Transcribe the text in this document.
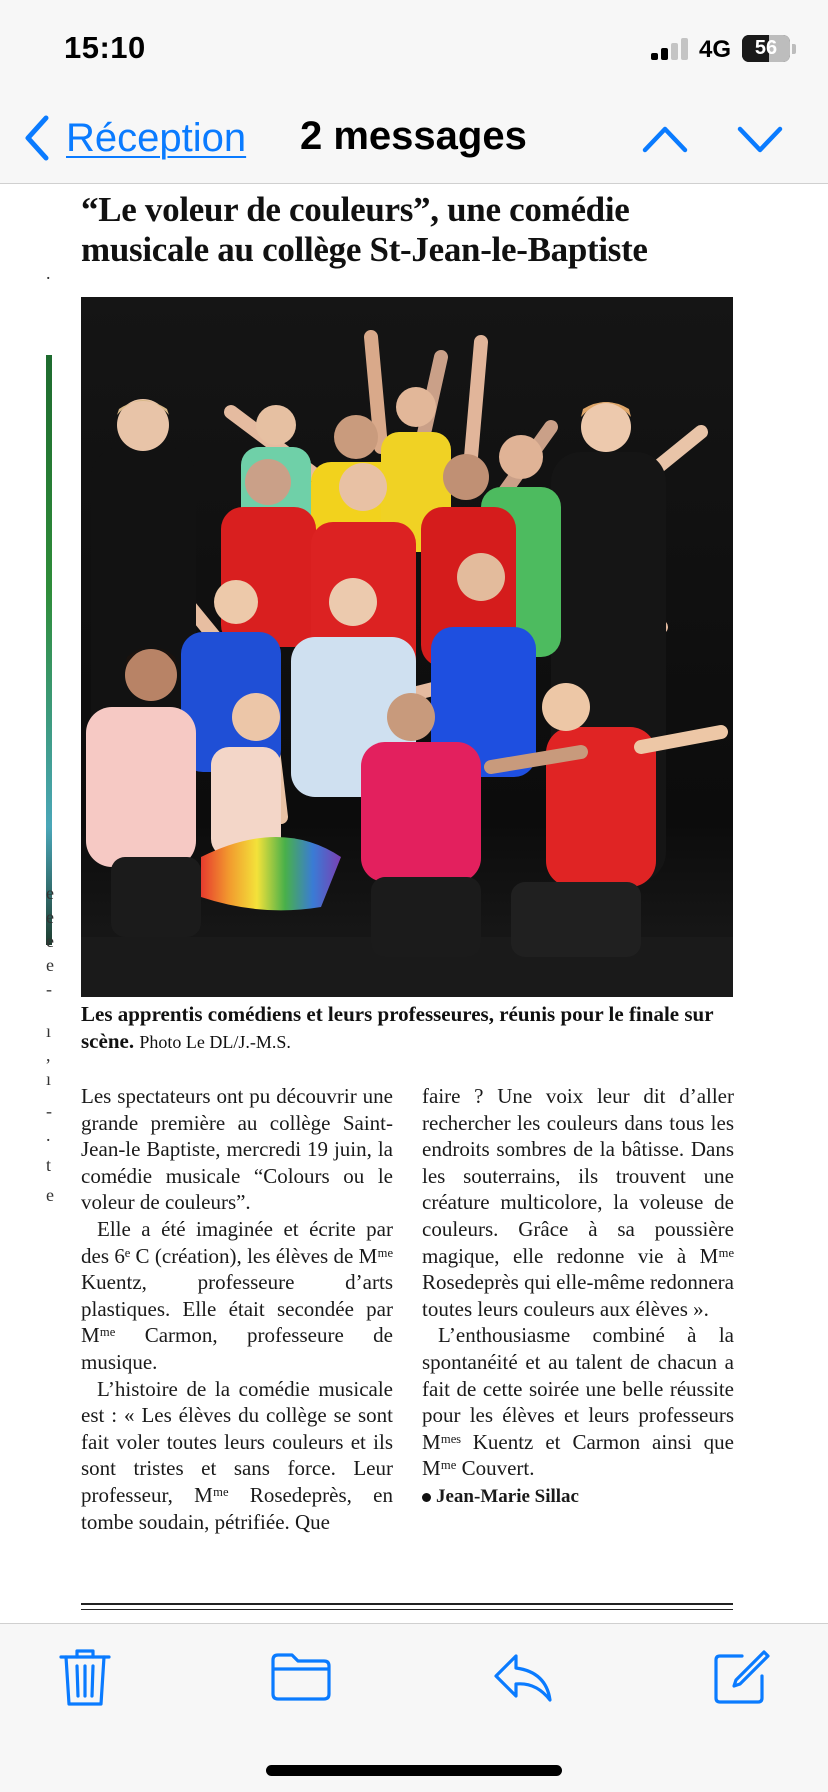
15:10	4G	56
Réception 2 messages
.
e
e
e
e
-
ı
,
ı
-
.
t
e
“Le voleur de couleurs”, une comédie
musicale au collège St-Jean-le-Baptiste
Les apprentis comédiens et leurs professeures, réunis pour le finale sur scène. Photo Le DL/J.-M.S.

Les spectateurs ont pu découvrir une grande première au collège Saint-Jean-le Baptiste, mercredi 19 juin, la comédie musicale “Colours ou le voleur de couleurs”.

Elle a été imaginée et écrite par des 6ᵉ C (création), les élèves de Mᵐᵉ Kuentz, professeure d’arts plastiques. Elle était secondée par Mᵐᵉ Carmon, professeure de musique.

L’histoire de la comédie musicale est : « Les élèves du collège se sont fait voler toutes leurs couleurs et ils sont tristes et sans force. Leur professeur, Mᵐᵉ Rosedeprès, en tombe soudain, pétrifiée. Que

faire ? Une voix leur dit d’aller rechercher les couleurs dans tous les endroits sombres de la bâtisse. Dans les souterrains, ils trouvent une créature multicolore, la voleuse de couleurs. Grâce à sa poussière magique, elle redonne vie à Mᵐᵉ Rosedeprès qui elle-même redonnera toutes leurs couleurs aux élèves ».

L’enthousiasme combiné à la spontanéité et au talent de chacun a fait de cette soirée une belle réussite pour les élèves et leurs professeurs Mᵐᵉˢ Kuentz et Carmon ainsi que Mᵐᵉ Couvert.

Jean-Marie Sillac
